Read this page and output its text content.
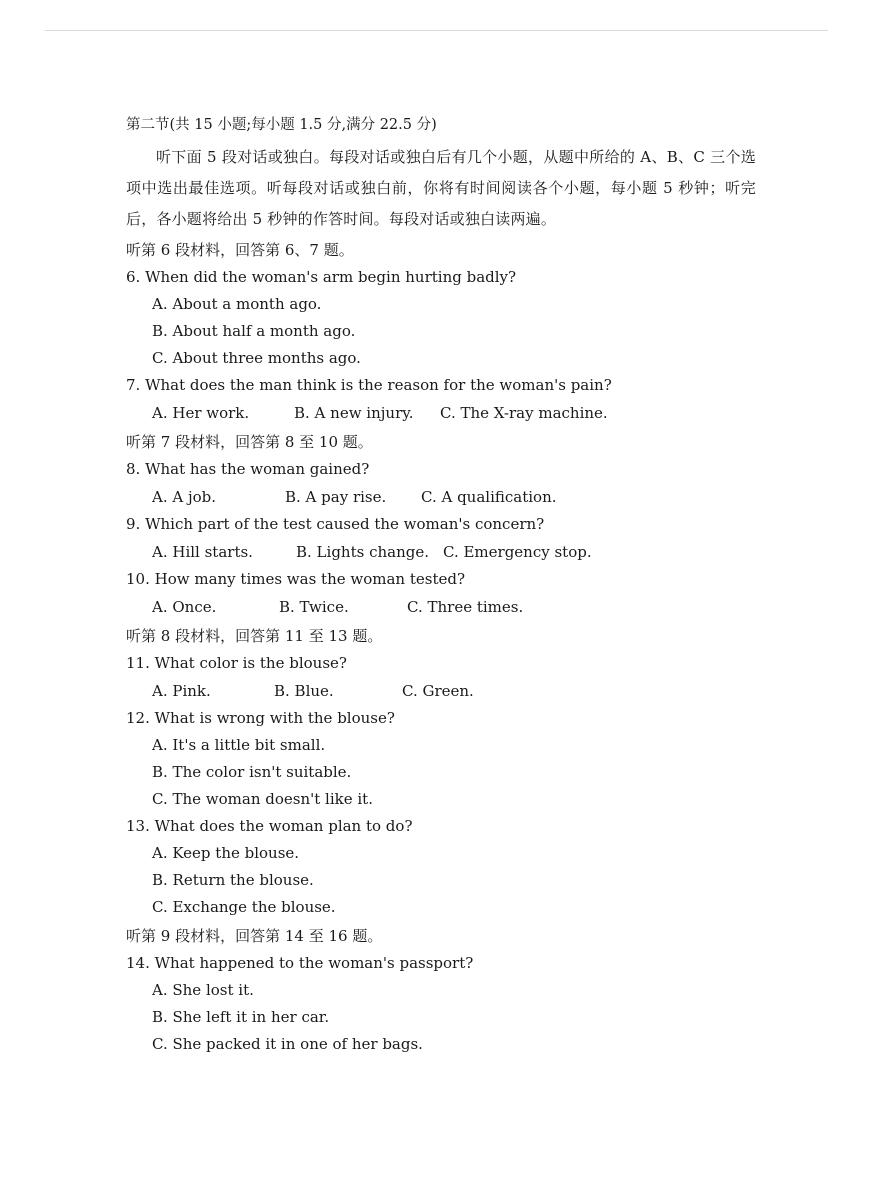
第二节(共 15 小题;每小题 1.5 分,满分 22.5 分)

听下面 5 段对话或独白。每段对话或独白后有几个小题，从题中所给的 A、B、C 三个选项中选出最佳选项。听每段对话或独白前，你将有时间阅读各个小题，每小题 5 秒钟；听完后，各小题将给出 5 秒钟的作答时间。每段对话或独白读两遍。

听第 6 段材料，回答第 6、7 题。
6. When did the woman's arm begin hurting badly?
A. About a month ago.
B. About half a month ago.
C. About three months ago.
7. What does the man think is the reason for the woman's pain?
A. Her work.	B. A new injury.	C. The X-ray machine.
听第 7 段材料，回答第 8 至 10 题。
8. What has the woman gained?
A. A job.	B. A pay rise.	C. A qualification.
9. Which part of the test caused the woman's concern?
A. Hill starts.	B. Lights change. C. Emergency stop.
10. How many times was the woman tested?
A. Once.	B. Twice.	C. Three times.
听第 8 段材料，回答第 11 至 13 题。
11. What color is the blouse?
A. Pink.	B. Blue.	C. Green.
12. What is wrong with the blouse?
A. It's a little bit small.
B. The color isn't suitable.
C. The woman doesn't like it.
13. What does the woman plan to do?
A. Keep the blouse.
B. Return the blouse.
C. Exchange the blouse.
听第 9 段材料，回答第 14 至 16 题。
14. What happened to the woman's passport?
A. She lost it.
B. She left it in her car.
C. She packed it in one of her bags.
